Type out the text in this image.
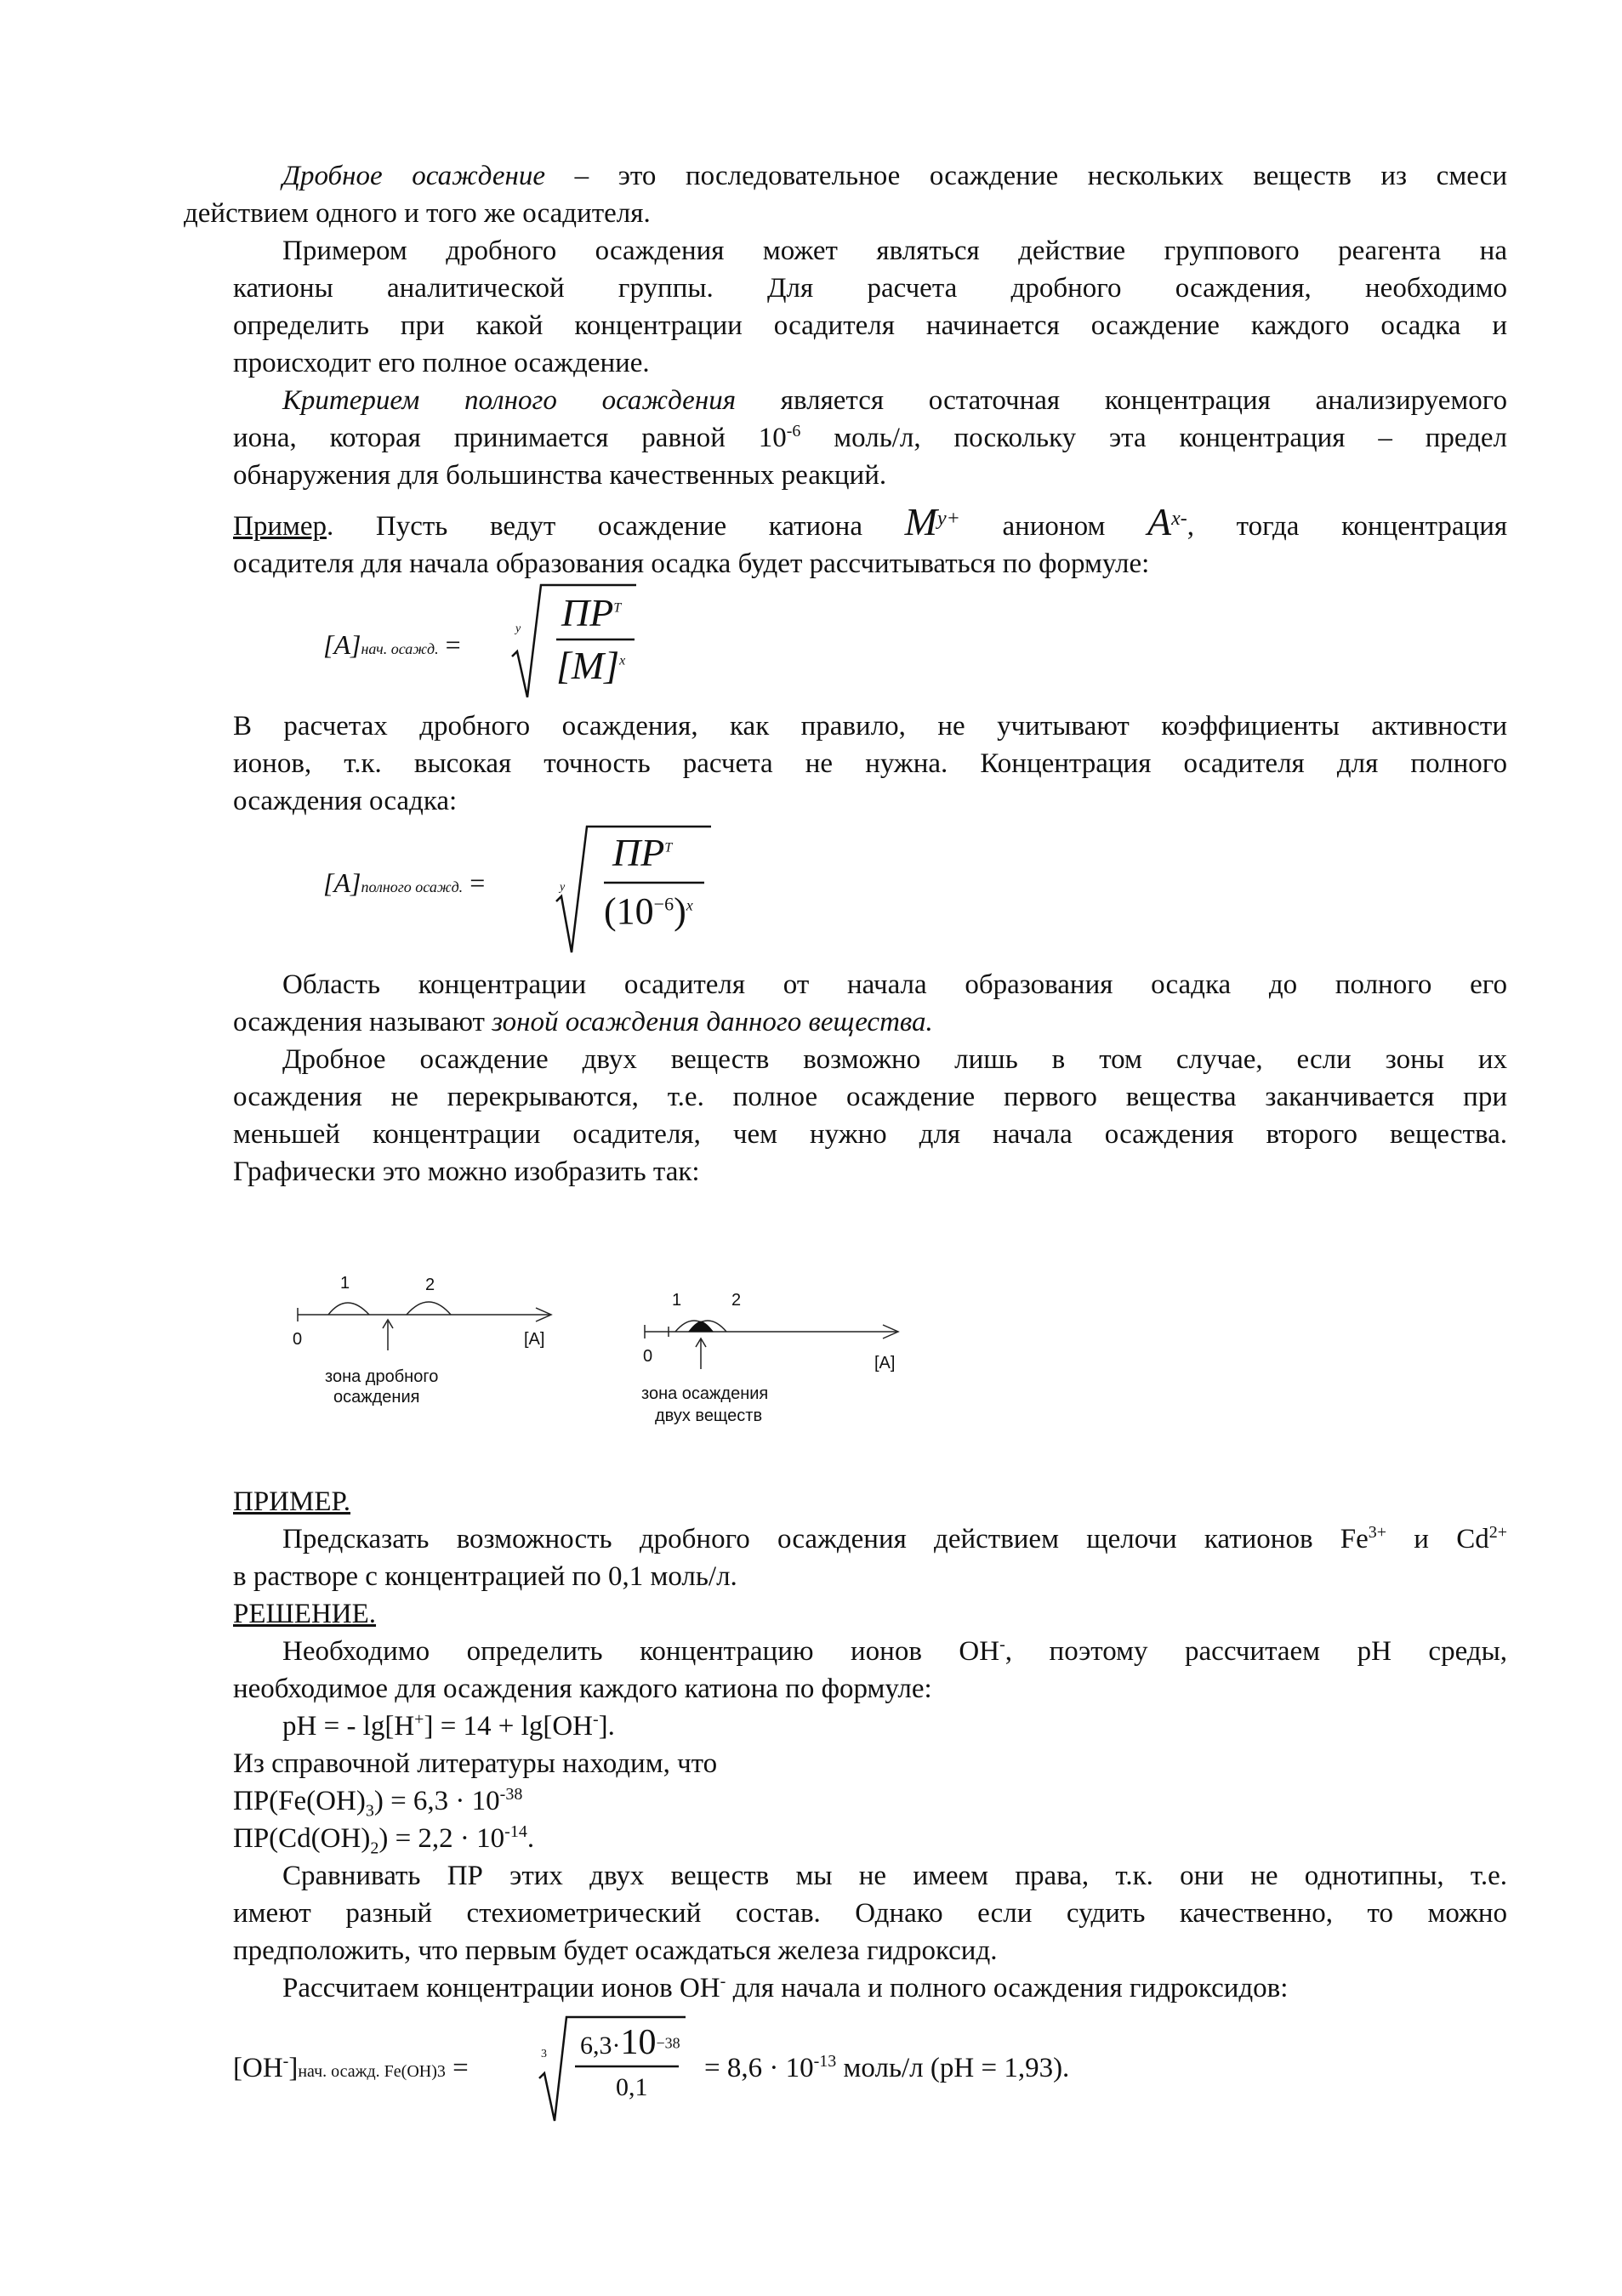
Дробное осаждение – это последовательное осаждение нескольких веществ из смеси
действием одного и того же осадителя.
Примером дробного осаждения может являться действие группового реагента на
катионы аналитической группы. Для расчета дробного осаждения, необходимо
определить при какой концентрации осадителя начинается осаждение каждого осадка и
происходит его полное осаждение.
Критерием полного осаждения является остаточная концентрация анализируемого
иона, которая принимается равной $10^{-6}$ моль/л, поскольку эта концентрация – предел
обнаружения для большинства качественных реакций.
Пример. Пусть ведут осаждение катиона $M^{y+}$ анионом $A^{x-}$, тогда концентрация
осадителя для начала образования осадка будет рассчитываться по формуле:
[A]нач. осажд. =
y $ПР^T$
$[M]^x$
В расчетах дробного осаждения, как правило, не учитывают коэффициенты активности
ионов, т.к. высокая точность расчета не нужна. Концентрация осадителя для полного
осаждения осадка:
[A]полного осажд. =	y
$ПР^T$
$(10^{-6})^x$
Область концентрации осадителя от начала образования осадка до полного его
осаждения называют зоной осаждения данного вещества.
Дробное осаждение двух веществ возможно лишь в том случае, если зоны их
осаждения не перекрываются, т.е. полное осаждение первого вещества заканчивается при
меньшей концентрации осадителя, чем нужно для начала осаждения второго вещества.
Графически это можно изобразить так:
1	2
0	[A]
зона дробного
осаждения
1	2
0	[A]
зона осаждения
двух веществ
ПРИМЕР.
Предсказать возможность дробного осаждения действием щелочи катионов $Fe^{3+}$ и $Cd^{2+}$
в растворе с концентрацией по 0,1 моль/л.
РЕШЕНИЕ.
Необходимо определить концентрацию ионов OH-, поэтому рассчитаем pH среды,
необходимое для осаждения каждого катиона по формуле:
pH = - lg[H+] = 14 + lg[OH-].
Из справочной литературы находим, что
$ПР(Fe(OH)_3) = 6,3 \cdot 10^{-38}$
$ПР(Cd(OH)_2) = 2,2 \cdot 10^{-14}$.
Сравнивать ПР этих двух веществ мы не имеем права, т.к. они не однотипны, т.е.
имеют разный стехиометрический состав. Однако если судить качественно, то можно
предположить, что первым будет осаждаться железа гидроксид.
Рассчитаем концентрации ионов OH- для начала и полного осаждения гидроксидов:
[OH-]нач. осажд. Fe(OH)3 =	3 $6,3\cdot 10^{-38}$
0,1
= $8,6 \cdot 10^{-13}$ моль/л (pH = 1,93).
